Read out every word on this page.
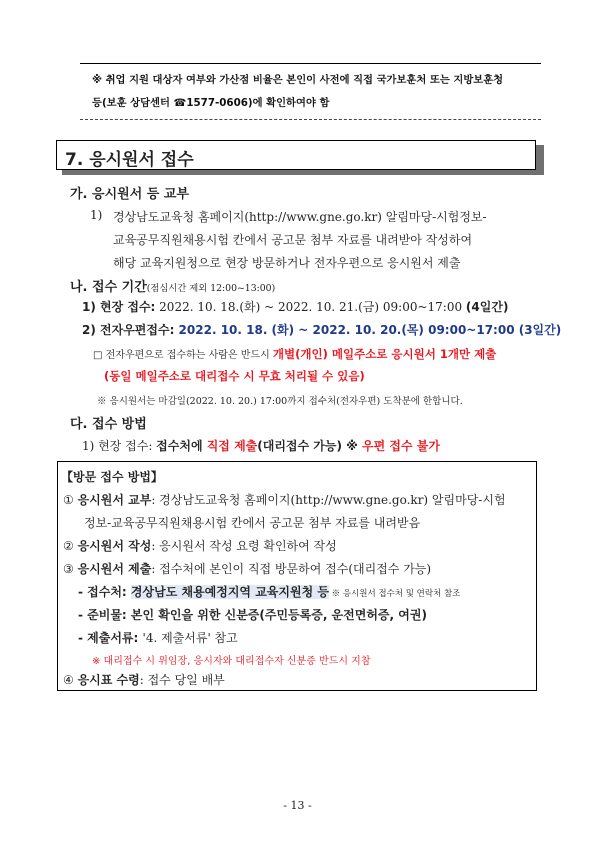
※ 취업 지원 대상자 여부와 가산점 비율은 본인이 사전에 직접 국가보훈처 또는 지방보훈청
등(보훈 상담센터 ☎1577-0606)에 확인하여야 함
7. 응시원서 접수
가. 응시원서 등 교부
1) 경상남도교육청 홈페이지(http://www.gne.go.kr) 알림마당-시험정보-
교육공무직원채용시험 칸에서 공고문 첨부 자료를 내려받아 작성하여
해당 교육지원청으로 현장 방문하거나 전자우편으로 응시원서 제출
나. 접수 기간(점심시간 제외 12:00~13:00)
1) 현장 접수: 2022. 10. 18.(화) ~ 2022. 10. 21.(금) 09:00~17:00 (4일간)
2) 전자우편접수: 2022. 10. 18. (화) ~ 2022. 10. 20.(목) 09:00~17:00 (3일간)
□ 전자우편으로 접수하는 사람은 반드시 개별(개인) 메일주소로 응시원서 1개만 제출
(동일 메일주소로 대리접수 시 무효 처리될 수 있음)
※ 응시원서는 마감일(2022. 10. 20.) 17:00까지 접수처(전자우편) 도착분에 한합니다.
다. 접수 방법
1) 현장 접수: 접수처에 직접 제출(대리접수 가능) ※ 우편 접수 불가
【방문 접수 방법】
① 응시원서 교부: 경상남도교육청 홈페이지(http://www.gne.go.kr) 알림마당-시험
정보-교육공무직원채용시험 칸에서 공고문 첨부 자료를 내려받음
② 응시원서 작성: 응시원서 작성 요령 확인하여 작성
③ 응시원서 제출: 접수처에 본인이 직접 방문하여 접수(대리접수 가능)
- 접수처: 경상남도 채용예정지역 교육지원청 등 ※ 응시원서 접수처 및 연락처 참조
- 준비물: 본인 확인을 위한 신분증(주민등록증, 운전면허증, 여권)
- 제출서류: '4. 제출서류' 참고
※ 대리접수 시 위임장, 응시자와 대리접수자 신분증 반드시 지참
④ 응시표 수령: 접수 당일 배부
- 13 -
